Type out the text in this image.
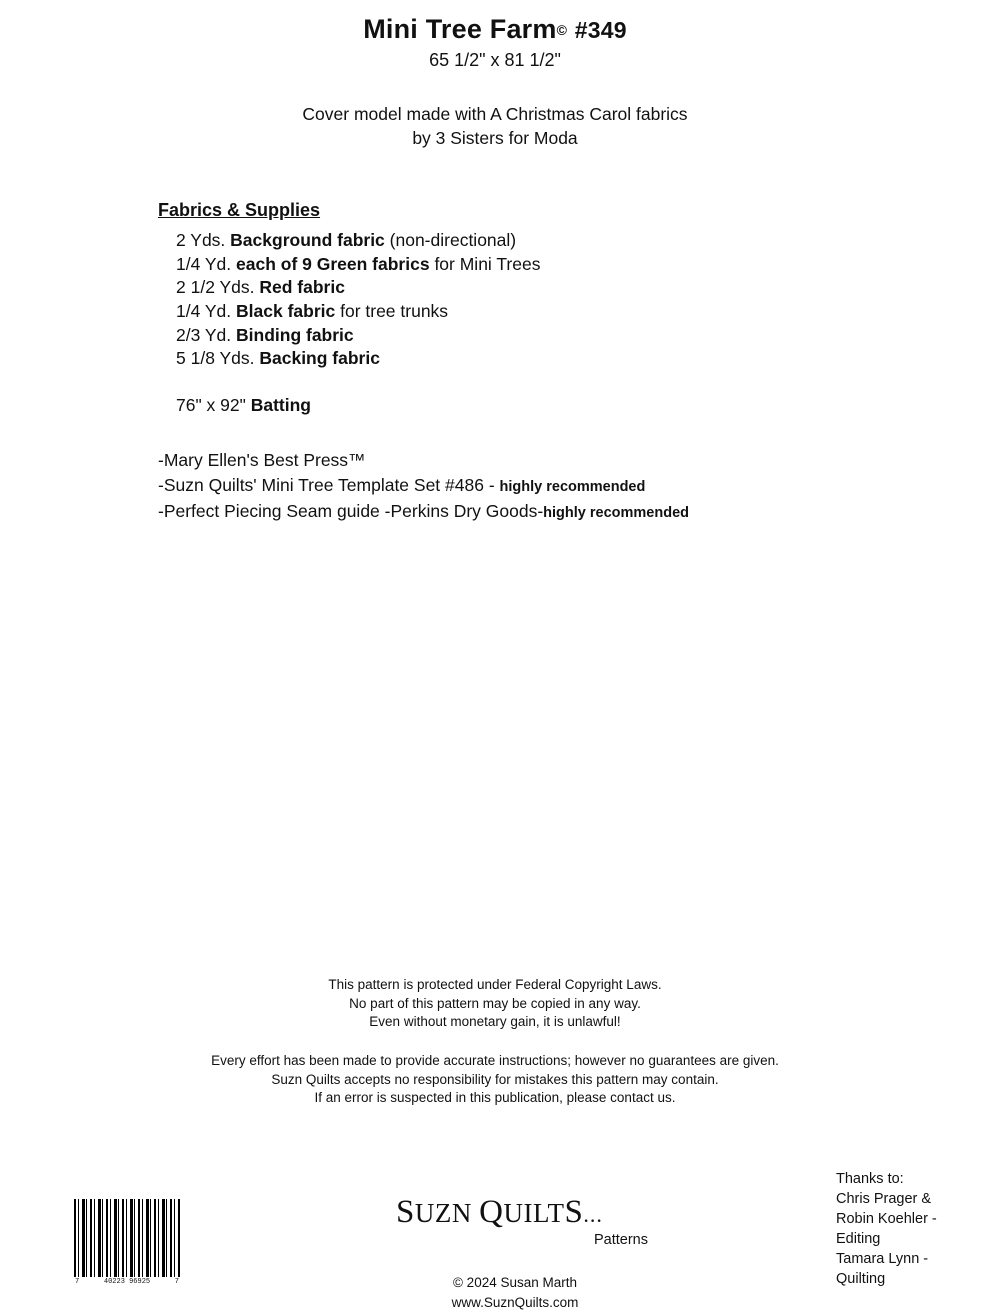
Mini Tree Farm© #349
65 1/2" x 81 1/2"
Cover model made with A Christmas Carol fabrics
by 3 Sisters for Moda
Fabrics & Supplies
2 Yds. Background fabric (non-directional)
1/4 Yd. each of 9 Green fabrics for Mini Trees
2 1/2 Yds. Red fabric
1/4 Yd. Black fabric for tree trunks
2/3 Yd. Binding fabric
5 1/8 Yds. Backing fabric
76" x 92" Batting
-Mary Ellen's Best Press™
-Suzn Quilts' Mini Tree Template Set #486 - highly recommended
-Perfect Piecing Seam guide -Perkins Dry Goods-highly recommended
This pattern is protected under Federal Copyright Laws.
No part of this pattern may be copied in any way.
Even without monetary gain, it is unlawful!
Every effort has been made to provide accurate instructions; however no guarantees are given.
Suzn Quilts accepts no responsibility for mistakes this pattern may contain.
If an error is suspected in this publication, please contact us.
7	40223 96925	7
SUZN QUILTS...
Patterns
© 2024 Susan Marth
www.SuznQuilts.com
Thanks to:
Chris Prager &
Robin Koehler -
Editing
Tamara Lynn -
Quilting
